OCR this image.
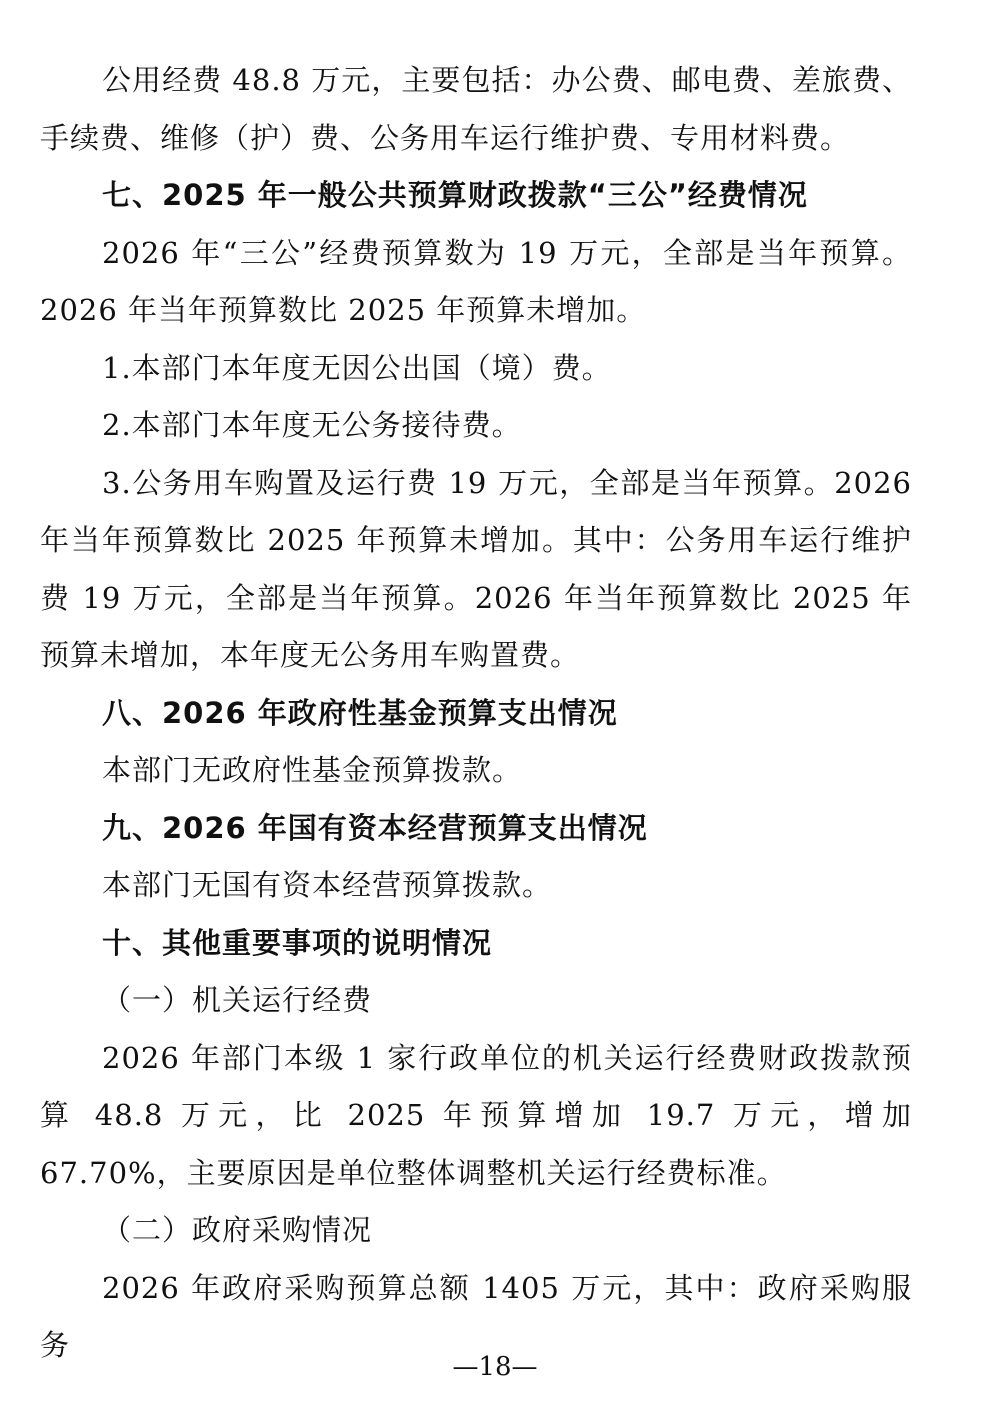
公用经费 48.8 万元，主要包括：办公费、邮电费、差旅费、手续费、维修（护）费、公务用车运行维护费、专用材料费。

七、2025 年一般公共预算财政拨款“三公”经费情况

2026 年“三公”经费预算数为 19 万元，全部是当年预算。2026 年当年预算数比 2025 年预算未增加。

1.本部门本年度无因公出国（境）费。

2.本部门本年度无公务接待费。

3.公务用车购置及运行费 19 万元，全部是当年预算。2026 年当年预算数比 2025 年预算未增加。其中：公务用车运行维护费 19 万元，全部是当年预算。2026 年当年预算数比 2025 年预算未增加，本年度无公务用车购置费。

八、2026 年政府性基金预算支出情况

本部门无政府性基金预算拨款。

九、2026 年国有资本经营预算支出情况

本部门无国有资本经营预算拨款。

十、其他重要事项的说明情况

（一）机关运行经费

2026 年部门本级 1 家行政单位的机关运行经费财政拨款预算 48.8 万元，比 2025 年预算增加 19.7 万元，增加 67.70%，主要原因是单位整体调整机关运行经费标准。

（二）政府采购情况

2026 年政府采购预算总额 1405 万元，其中：政府采购服务

—18—
